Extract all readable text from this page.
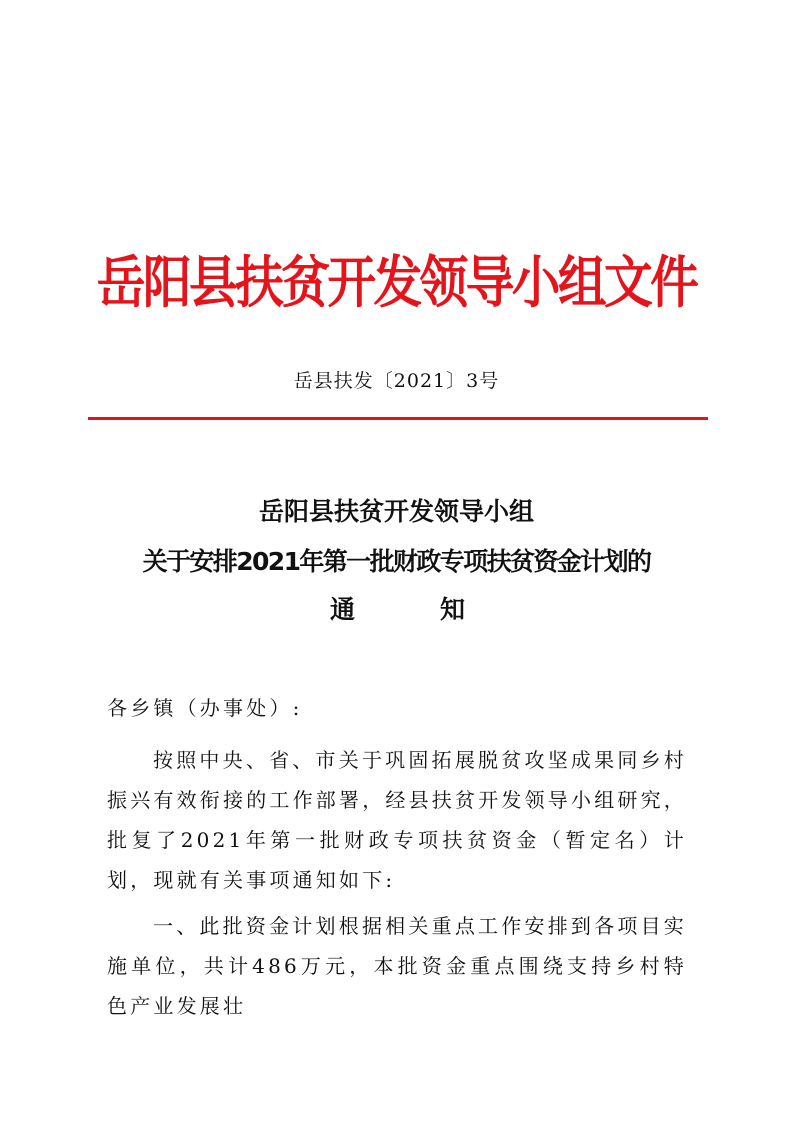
岳阳县扶贫开发领导小组文件
岳县扶发〔2021〕3号
岳阳县扶贫开发领导小组
关于安排2021年第一批财政专项扶贫资金计划的
通	知
各乡镇（办事处）:
按照中央、省、市关于巩固拓展脱贫攻坚成果同乡村振兴有效衔接的工作部署，经县扶贫开发领导小组研究，批复了2021年第一批财政专项扶贫资金（暂定名）计划，现就有关事项通知如下:
一、此批资金计划根据相关重点工作安排到各项目实施单位，共计486万元，本批资金重点围绕支持乡村特色产业发展壮
